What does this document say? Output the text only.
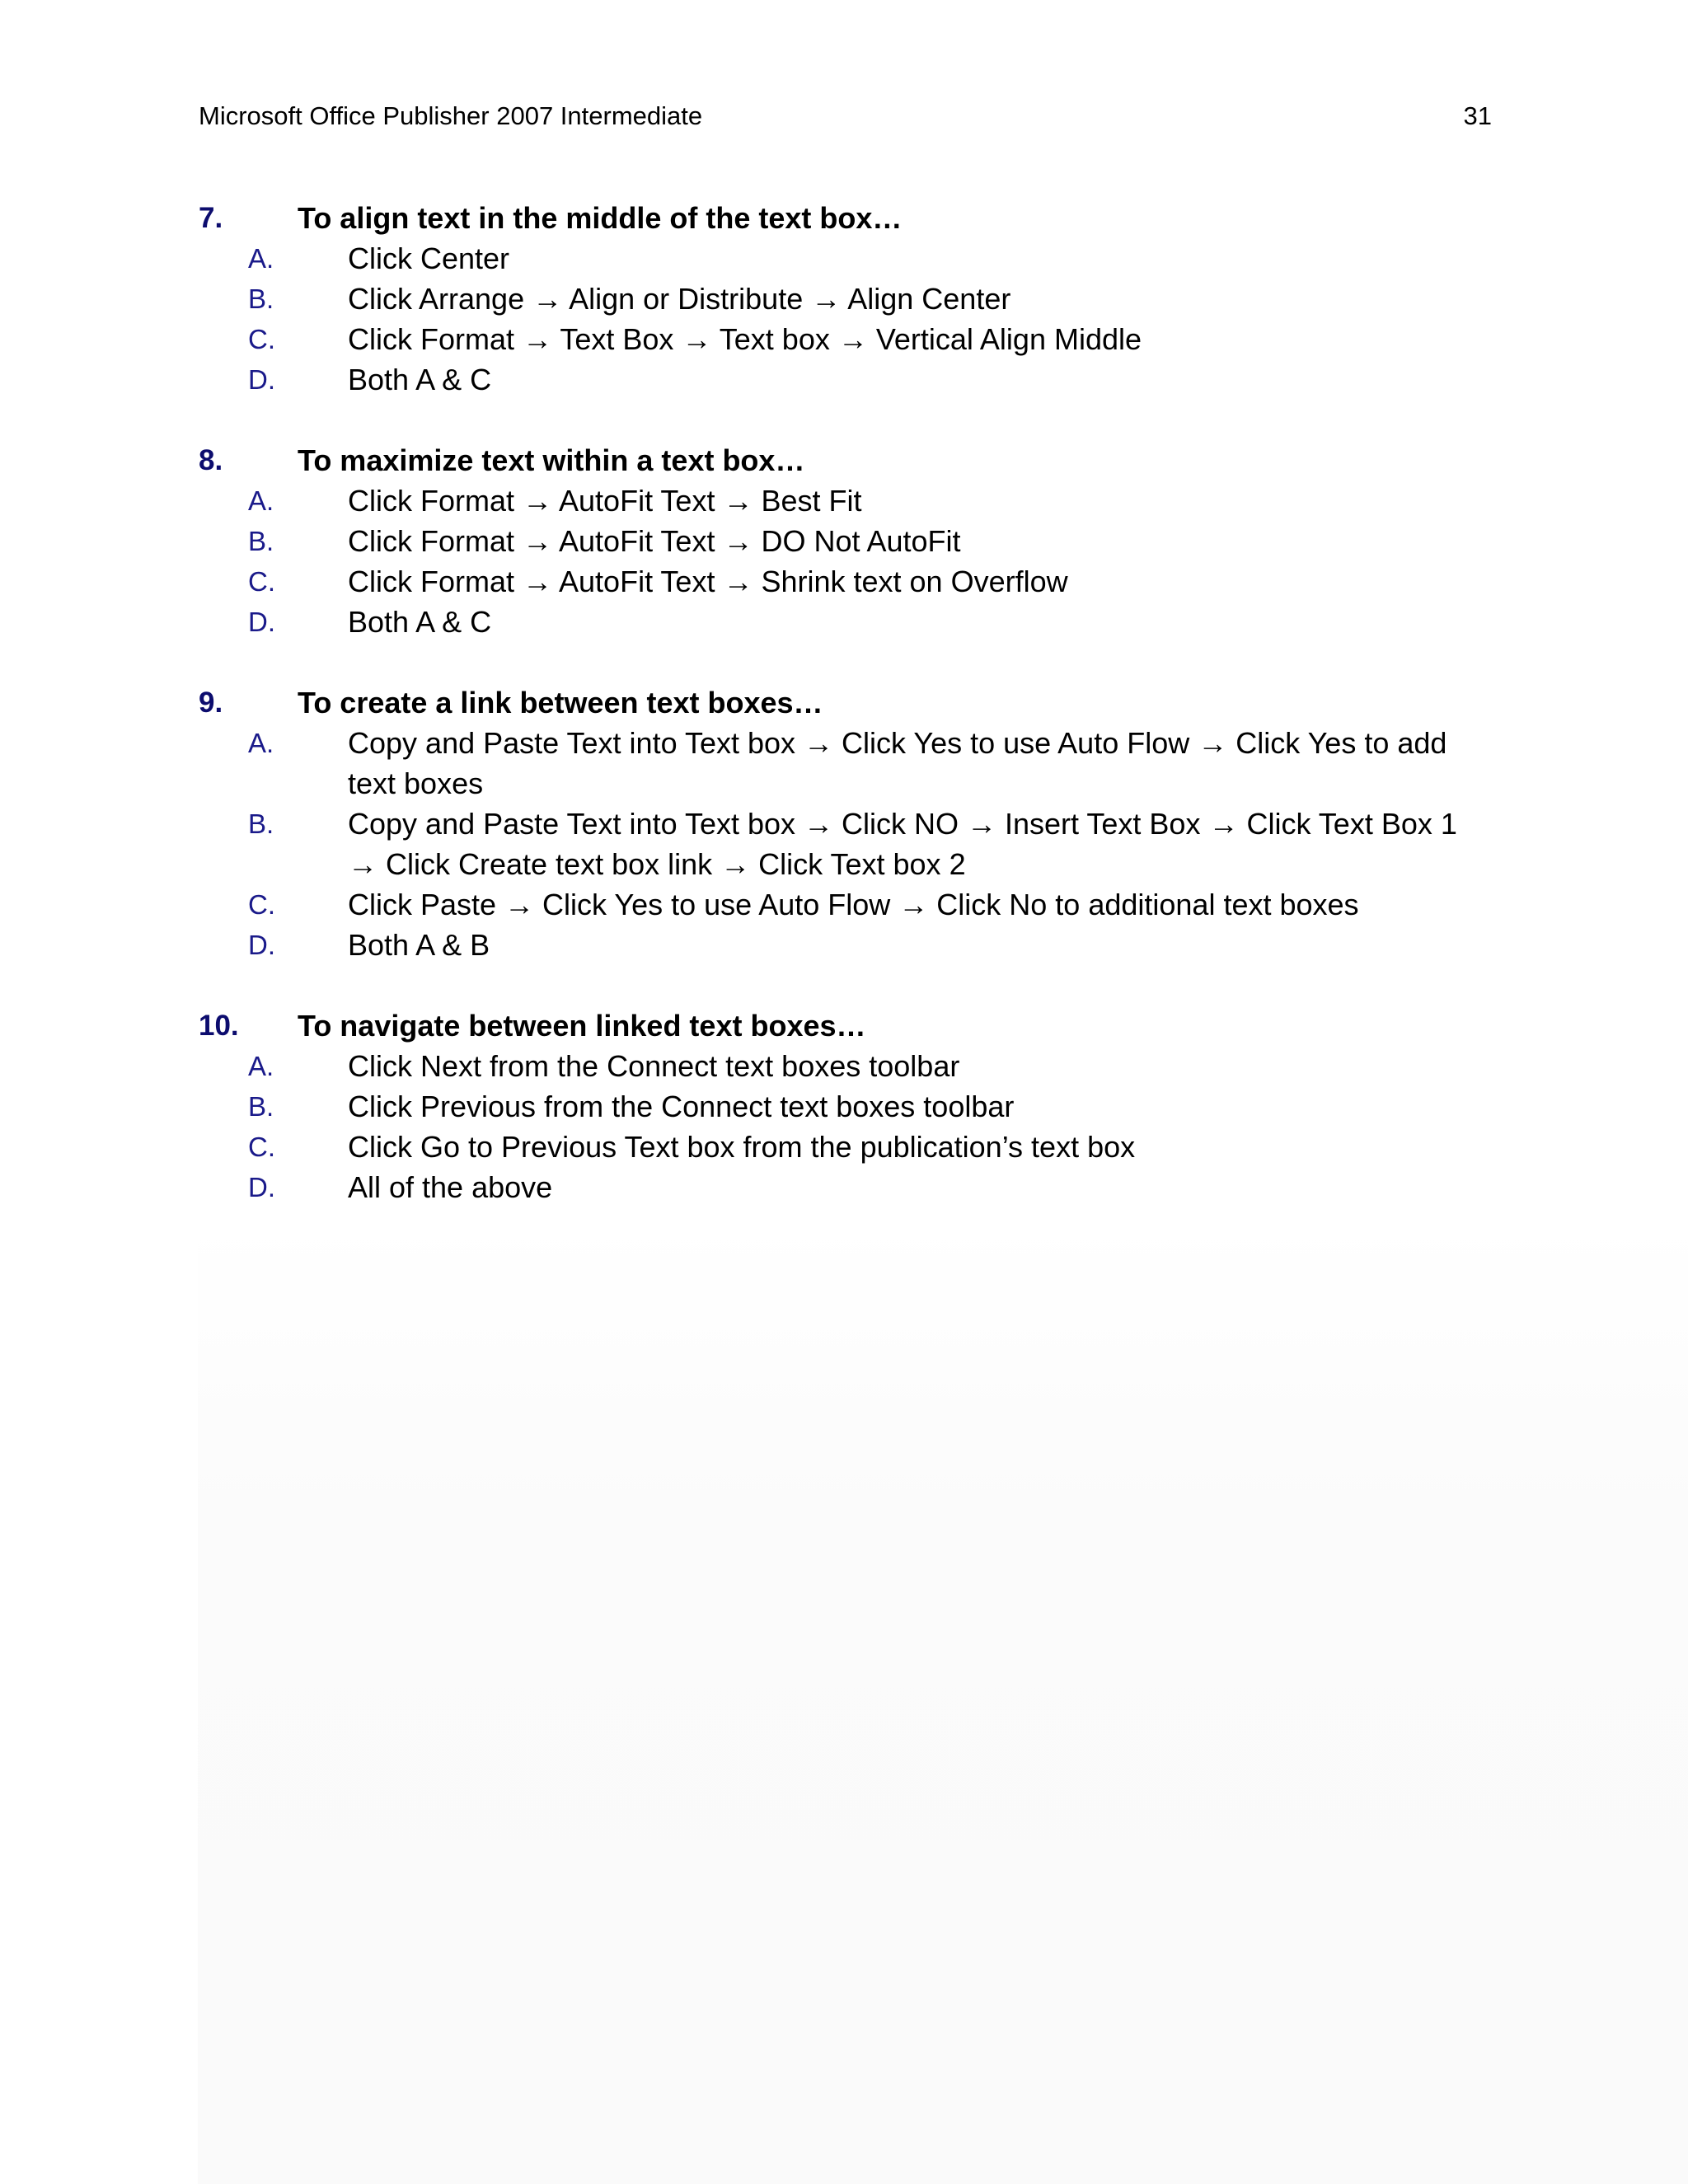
Microsoft Office Publisher 2007 Intermediate	31
7.	To align text in the middle of the text box…
A. Click Center
B. Click Arrange → Align or Distribute → Align Center
C. Click Format → Text Box → Text box → Vertical Align Middle
D. Both A & C
8.	To maximize text within a text box…
A. Click Format → AutoFit Text → Best Fit
B. Click Format → AutoFit Text → DO Not AutoFit
C. Click Format → AutoFit Text → Shrink text on Overflow
D. Both A & C
9.	To create a link between text boxes…
A. Copy and Paste Text into Text box → Click Yes to use Auto Flow → Click Yes to add text boxes
B. Copy and Paste Text into Text box → Click NO → Insert Text Box → Click Text Box 1 → Click Create text box link → Click Text box 2
C. Click Paste → Click Yes to use Auto Flow → Click No to additional text boxes
D. Both A & B
10. To navigate between linked text boxes…
A. Click Next from the Connect text boxes toolbar
B. Click Previous from the Connect text boxes toolbar
C. Click Go to Previous Text box from the publication’s text box
D. All of the above
